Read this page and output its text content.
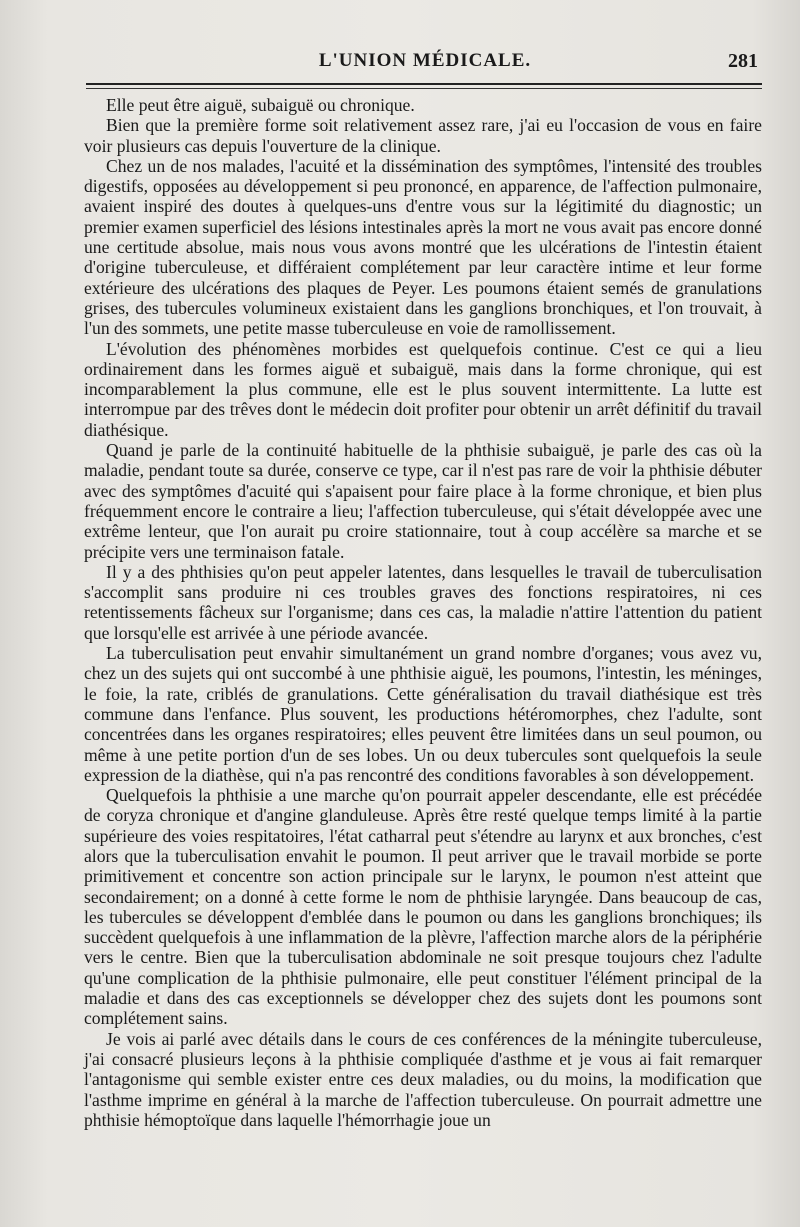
L'UNION MÉDICALE.	281

Elle peut être aiguë, subaiguë ou chronique.

Bien que la première forme soit relativement assez rare, j'ai eu l'occasion de vous en faire voir plusieurs cas depuis l'ouverture de la clinique.

Chez un de nos malades, l'acuité et la dissémination des symptômes, l'intensité des troubles digestifs, opposées au développement si peu prononcé, en apparence, de l'affection pulmonaire, avaient inspiré des doutes à quelques-uns d'entre vous sur la légitimité du diagnostic; un premier examen superficiel des lésions intestinales après la mort ne vous avait pas encore donné une certitude absolue, mais nous vous avons montré que les ulcérations de l'intestin étaient d'origine tuberculeuse, et différaient complétement par leur caractère intime et leur forme extérieure des ulcérations des plaques de Peyer. Les poumons étaient semés de granulations grises, des tubercules volumineux existaient dans les ganglions bronchiques, et l'on trouvait, à l'un des sommets, une petite masse tuberculeuse en voie de ramollissement.

L'évolution des phénomènes morbides est quelquefois continue. C'est ce qui a lieu ordinairement dans les formes aiguë et subaiguë, mais dans la forme chronique, qui est incomparablement la plus commune, elle est le plus souvent intermittente. La lutte est interrompue par des trêves dont le médecin doit profiter pour obtenir un arrêt définitif du travail diathésique.

Quand je parle de la continuité habituelle de la phthisie subaiguë, je parle des cas où la maladie, pendant toute sa durée, conserve ce type, car il n'est pas rare de voir la phthisie débuter avec des symptômes d'acuité qui s'apaisent pour faire place à la forme chronique, et bien plus fréquemment encore le contraire a lieu; l'affection tuberculeuse, qui s'était développée avec une extrême lenteur, que l'on aurait pu croire stationnaire, tout à coup accélère sa marche et se précipite vers une terminaison fatale.

Il y a des phthisies qu'on peut appeler latentes, dans lesquelles le travail de tuberculisation s'accomplit sans produire ni ces troubles graves des fonctions respiratoires, ni ces retentissements fâcheux sur l'organisme; dans ces cas, la maladie n'attire l'attention du patient que lorsqu'elle est arrivée à une période avancée.

La tuberculisation peut envahir simultanément un grand nombre d'organes; vous avez vu, chez un des sujets qui ont succombé à une phthisie aiguë, les poumons, l'intestin, les méninges, le foie, la rate, criblés de granulations. Cette généralisation du travail diathésique est très commune dans l'enfance. Plus souvent, les productions hétéromorphes, chez l'adulte, sont concentrées dans les organes respiratoires; elles peuvent être limitées dans un seul poumon, ou même à une petite portion d'un de ses lobes. Un ou deux tubercules sont quelquefois la seule expression de la diathèse, qui n'a pas rencontré des conditions favorables à son développement.

Quelquefois la phthisie a une marche qu'on pourrait appeler descendante, elle est précédée de coryza chronique et d'angine glanduleuse. Après être resté quelque temps limité à la partie supérieure des voies respitatoires, l'état catharral peut s'étendre au larynx et aux bronches, c'est alors que la tuberculisation envahit le poumon. Il peut arriver que le travail morbide se porte primitivement et concentre son action principale sur le larynx, le poumon n'est atteint que secondairement; on a donné à cette forme le nom de phthisie laryngée. Dans beaucoup de cas, les tubercules se développent d'emblée dans le poumon ou dans les ganglions bronchiques; ils succèdent quelquefois à une inflammation de la plèvre, l'affection marche alors de la périphérie vers le centre. Bien que la tuberculisation abdominale ne soit presque toujours chez l'adulte qu'une complication de la phthisie pulmonaire, elle peut constituer l'élément principal de la maladie et dans des cas exceptionnels se développer chez des sujets dont les poumons sont complétement sains.

Je vois ai parlé avec détails dans le cours de ces conférences de la méningite tuberculeuse, j'ai consacré plusieurs leçons à la phthisie compliquée d'asthme et je vous ai fait remarquer l'antagonisme qui semble exister entre ces deux maladies, ou du moins, la modification que l'asthme imprime en général à la marche de l'affection tuberculeuse. On pourrait admettre une phthisie hémoptoïque dans laquelle l'hémorrhagie joue un
